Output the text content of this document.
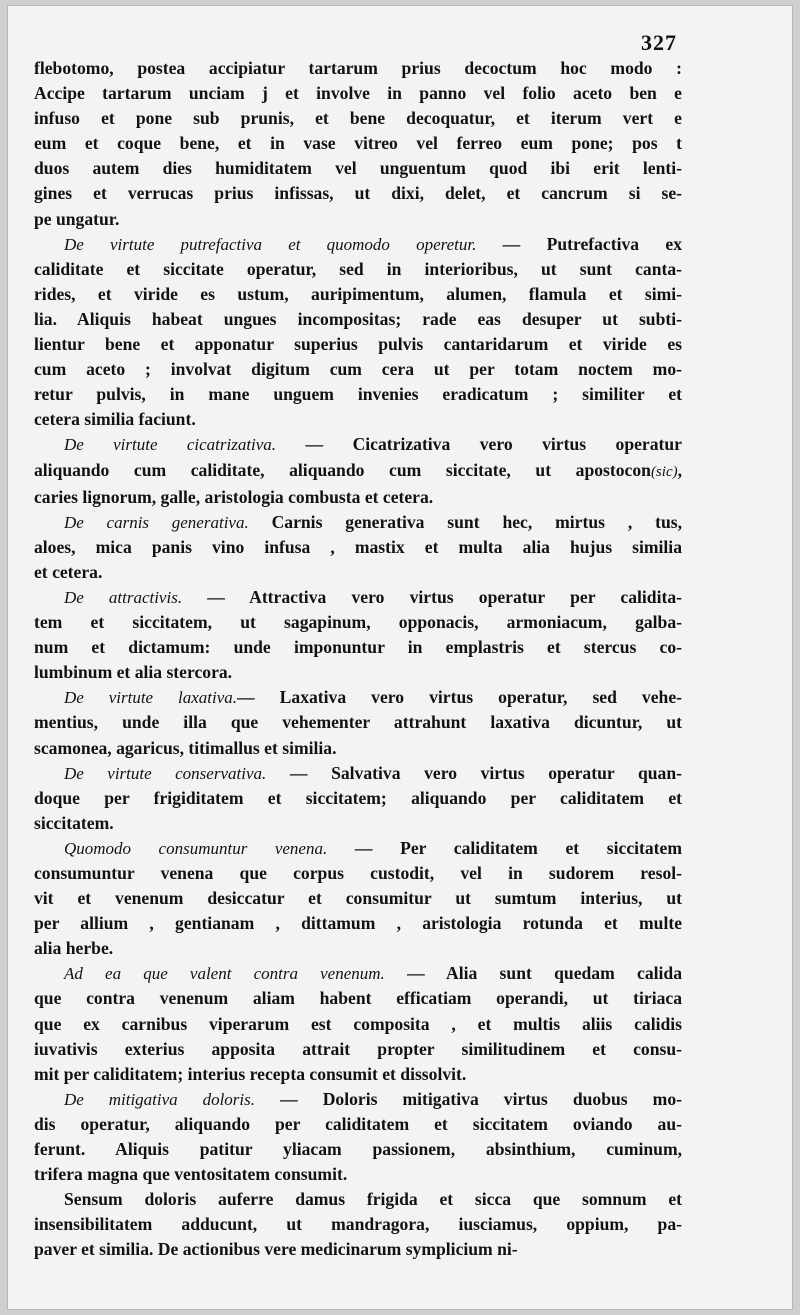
327
flebotomo, postea accipiatur tartarum prius decoctum hoc modo :
Accipe tartarum unciam j et involve in panno vel folio aceto ben e
infuso et pone sub prunis, et bene decoquatur, et iterum vert e
eum et coque bene, et in vase vitreo vel ferreo eum pone; pos t
duos autem dies humiditatem vel unguentum quod ibi erit lenti-
gines et verrucas prius infissas, ut dixi, delet, et cancrum si se-
pe ungatur.
De virtute putrefactiva et quomodo operetur. — Putrefactiva ex
caliditate et siccitate operatur, sed in interioribus, ut sunt canta-
rides, et viride es ustum, auripimentum, alumen, flamula et simi-
lia. Aliquis habeat ungues incompositas; rade eas desuper ut subti-
lientur bene et apponatur superius pulvis cantaridarum et viride es
cum aceto ; involvat digitum cum cera ut per totam noctem mo-
retur pulvis, in mane unguem invenies eradicatum ; similiter et
cetera similia faciunt.
De virtute cicatrizativa. — Cicatrizativa vero virtus operatur
aliquando cum caliditate, aliquando cum siccitate, ut apostocon(sic),
caries lignorum, galle, aristologia combusta et cetera.
De carnis generativa. Carnis generativa sunt hec, mirtus , tus,
aloes, mica panis vino infusa , mastix et multa alia hujus similia
et cetera.
De attractivis. — Attractiva vero virtus operatur per calidita-
tem et siccitatem, ut sagapinum, opponacis, armoniacum, galba-
num et dictamum: unde imponuntur in emplastris et stercus co-
lumbinum et alia stercora.
De virtute laxativa.— Laxativa vero virtus operatur, sed vehe-
mentius, unde illa que vehementer attrahunt laxativa dicuntur, ut
scamonea, agaricus, titimallus et similia.
De virtute conservativa. — Salvativa vero virtus operatur quan-
doque per frigiditatem et siccitatem; aliquando per caliditatem et
siccitatem.
Quomodo consumuntur venena. — Per caliditatem et siccitatem
consumuntur venena que corpus custodit, vel in sudorem resol-
vit et venenum desiccatur et consumitur ut sumtum interius, ut
per allium , gentianam , dittamum , aristologia rotunda et multe
alia herbe.
Ad ea que valent contra venenum. — Alia sunt quedam calida
que contra venenum aliam habent efficatiam operandi, ut tiriaca
que ex carnibus viperarum est composita , et multis aliis calidis
iuvativis exterius apposita attrait propter similitudinem et consu-
mit per caliditatem; interius recepta consumit et dissolvit.
De mitigativa doloris. — Doloris mitigativa virtus duobus mo-
dis operatur, aliquando per caliditatem et siccitatem oviando au-
ferunt. Aliquis patitur yliacam passionem, absinthium, cuminum,
trifera magna que ventositatem consumit.
Sensum doloris auferre damus frigida et sicca que somnum et
insensibilitatem adducunt, ut mandragora, iusciamus, oppium, pa-
paver et similia. De actionibus vere medicinarum symplicium ni-
